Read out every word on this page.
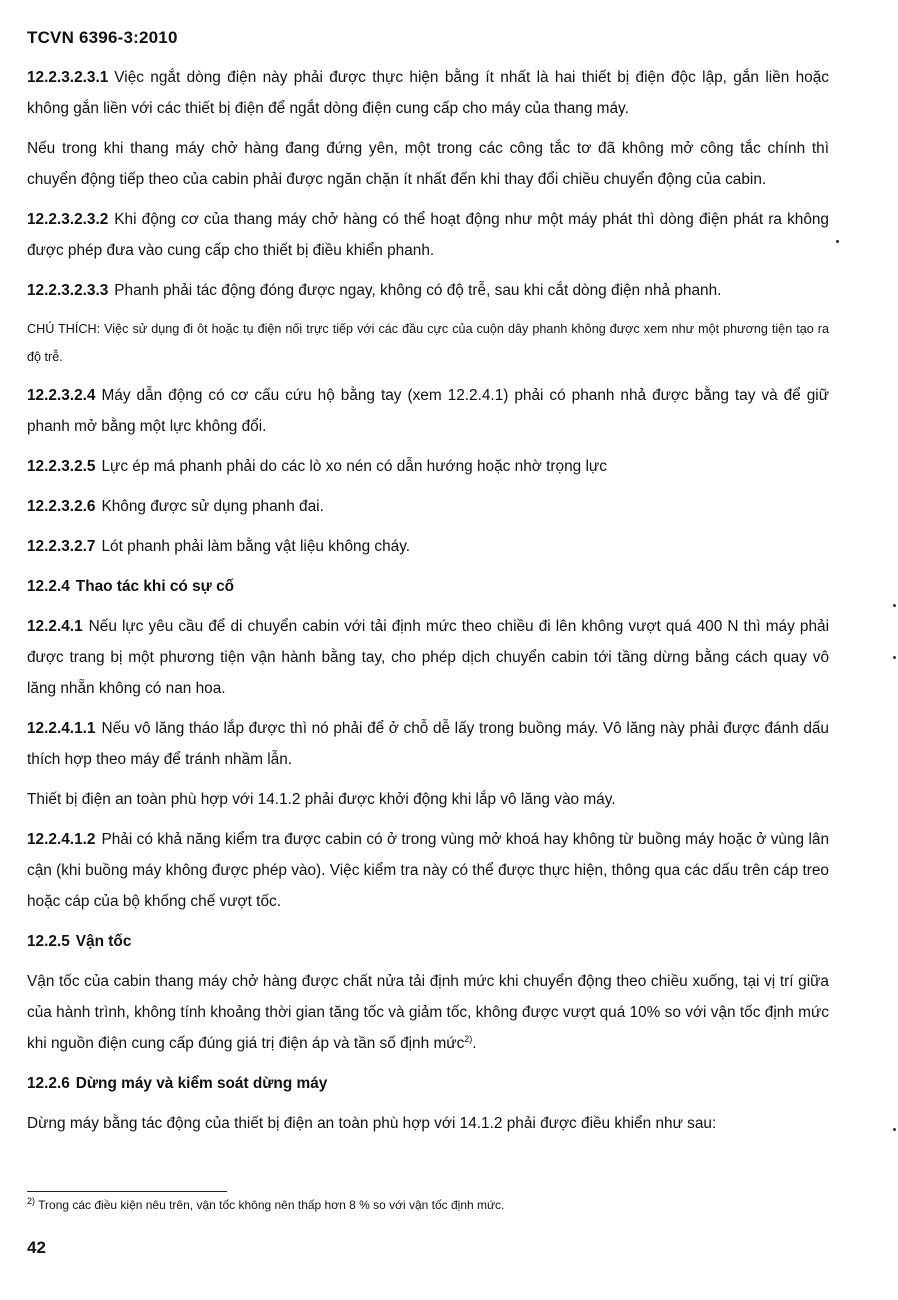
TCVN 6396-3:2010

12.2.3.2.3.1 Việc ngắt dòng điện này phải được thực hiện bằng ít nhất là hai thiết bị điện độc lập, gắn liền hoặc không gắn liền với các thiết bị điện để ngắt dòng điện cung cấp cho máy của thang máy.

Nếu trong khi thang máy chở hàng đang đứng yên, một trong các công tắc tơ đã không mở công tắc chính thì chuyển động tiếp theo của cabin phải được ngăn chặn ít nhất đến khi thay đổi chiều chuyển động của cabin.

12.2.3.2.3.2 Khi động cơ của thang máy chở hàng có thể hoạt động như một máy phát thì dòng điện phát ra không được phép đưa vào cung cấp cho thiết bị điều khiển phanh.

12.2.3.2.3.3 Phanh phải tác động đóng được ngay, không có độ trễ, sau khi cắt dòng điện nhả phanh.

CHÚ THÍCH: Việc sử dụng đi ôt hoặc tụ điện nối trực tiếp với các đầu cực của cuộn dây phanh không được xem như một phương tiện tạo ra độ trễ.

12.2.3.2.4 Máy dẫn động có cơ cấu cứu hộ bằng tay (xem 12.2.4.1) phải có phanh nhả được bằng tay và để giữ phanh mở bằng một lực không đổi.

12.2.3.2.5 Lực ép má phanh phải do các lò xo nén có dẫn hướng hoặc nhờ trọng lực

12.2.3.2.6 Không được sử dụng phanh đai.

12.2.3.2.7 Lót phanh phải làm bằng vật liệu không cháy.

12.2.4 Thao tác khi có sự cố

12.2.4.1 Nếu lực yêu cầu để di chuyển cabin với tải định mức theo chiều đi lên không vượt quá 400 N thì máy phải được trang bị một phương tiện vận hành bằng tay, cho phép dịch chuyển cabin tới tầng dừng bằng cách quay vô lăng nhẵn không có nan hoa.

12.2.4.1.1 Nếu vô lăng tháo lắp được thì nó phải để ở chỗ dễ lấy trong buồng máy. Vô lăng này phải được đánh dấu thích hợp theo máy để tránh nhầm lẫn.

Thiết bị điện an toàn phù hợp với 14.1.2 phải được khởi động khi lắp vô lăng vào máy.

12.2.4.1.2 Phải có khả năng kiểm tra được cabin có ở trong vùng mở khoá hay không từ buồng máy hoặc ở vùng lân cận (khi buồng máy không được phép vào). Việc kiểm tra này có thể được thực hiện, thông qua các dấu trên cáp treo hoặc cáp của bộ khống chế vượt tốc.

12.2.5 Vận tốc

Vận tốc của cabin thang máy chở hàng được chất nửa tải định mức khi chuyển động theo chiều xuống, tại vị trí giữa của hành trình, không tính khoảng thời gian tăng tốc và giảm tốc, không được vượt quá 10% so với vận tốc định mức khi nguồn điện cung cấp đúng giá trị điện áp và tần số định mức$^{2)}$.

12.2.6 Dừng máy và kiểm soát dừng máy

Dừng máy bằng tác động của thiết bị điện an toàn phù hợp với 14.1.2 phải được điều khiển như sau:

$^{2)}$ Trong các điều kiện nêu trên, vận tốc không nên thấp hơn 8 % so với vận tốc định mức.
42
